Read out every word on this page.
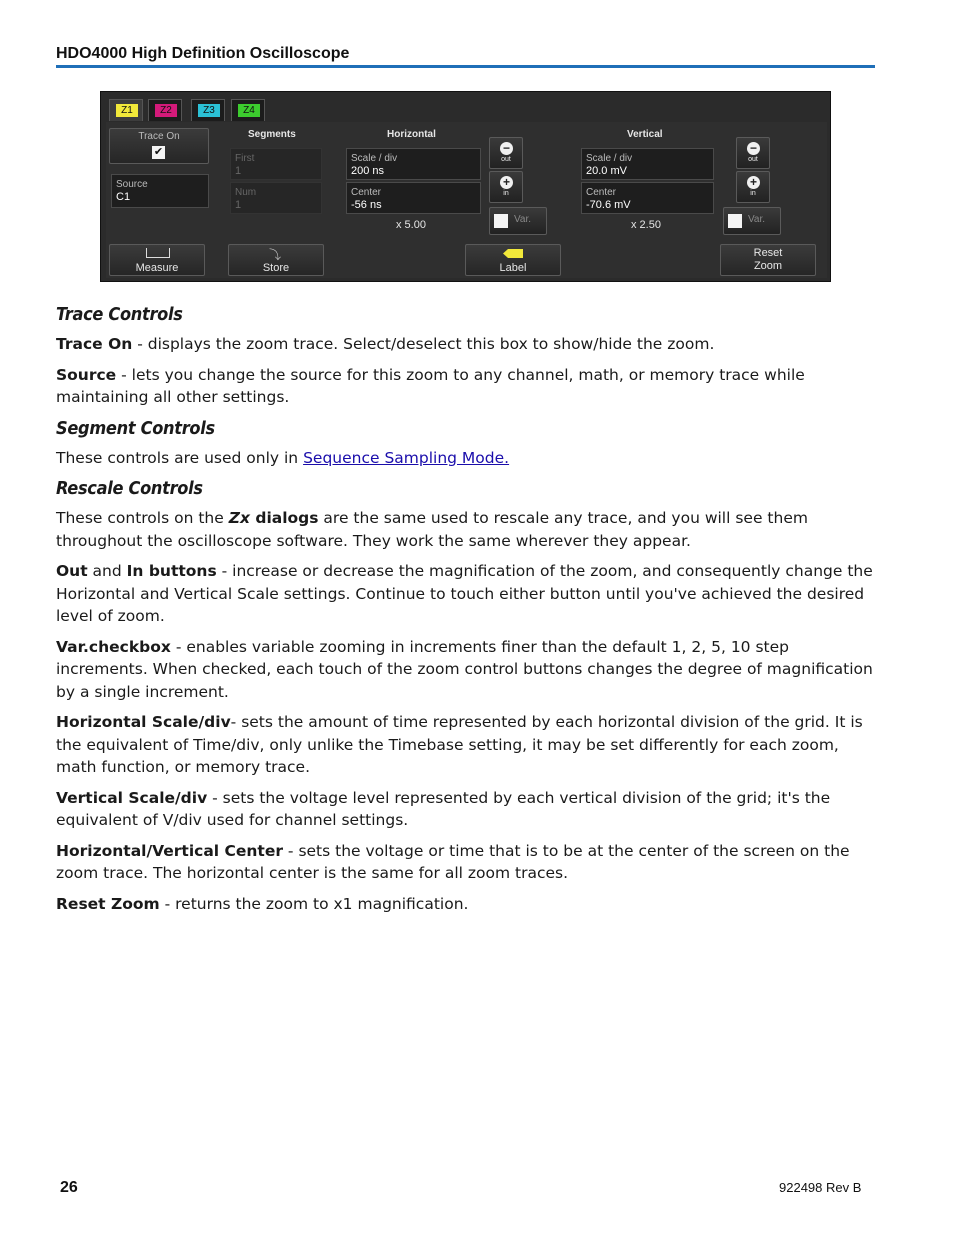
HDO4000 High Definition Oscilloscope
Z1	Z2	Z3	Z4
Trace On
✔
Source
C1
Segments
First
1
Num
1
Horizontal
Scale / div
200 ns
Center
-56 ns
x 5.00
−
out
+
in
Var.
Vertical
Scale / div
20.0 mV
Center
-70.6 mV
x 2.50
−
out
+
in
Var.
Measure
⤵
Store	Label
Reset
Zoom
Trace Controls

Trace On - displays the zoom trace. Select/deselect this box to show/hide the zoom.

Source - lets you change the source for this zoom to any channel, math, or memory trace while maintaining all other settings.

Segment Controls

These controls are used only in Sequence Sampling Mode.

Rescale Controls

These controls on the Zx dialogs are the same used to rescale any trace, and you will see them throughout the oscilloscope software. They work the same wherever they appear.

Out and In buttons - increase or decrease the magnification of the zoom, and consequently change the Horizontal and Vertical Scale settings. Continue to touch either button until you've achieved the desired level of zoom.

Var.checkbox - enables variable zooming in increments finer than the default 1, 2, 5, 10 step increments. When checked, each touch of the zoom control buttons changes the degree of magnification by a single increment.

Horizontal Scale/div- sets the amount of time represented by each horizontal division of the grid. It is the equivalent of Time/div, only unlike the Timebase setting, it may be set differently for each zoom, math function, or memory trace.

Vertical Scale/div - sets the voltage level represented by each vertical division of the grid; it's the equivalent of V/div used for channel settings.

Horizontal/Vertical Center - sets the voltage or time that is to be at the center of the screen on the zoom trace. The horizontal center is the same for all zoom traces.

Reset Zoom - returns the zoom to x1 magnification.

26	922498 Rev B
